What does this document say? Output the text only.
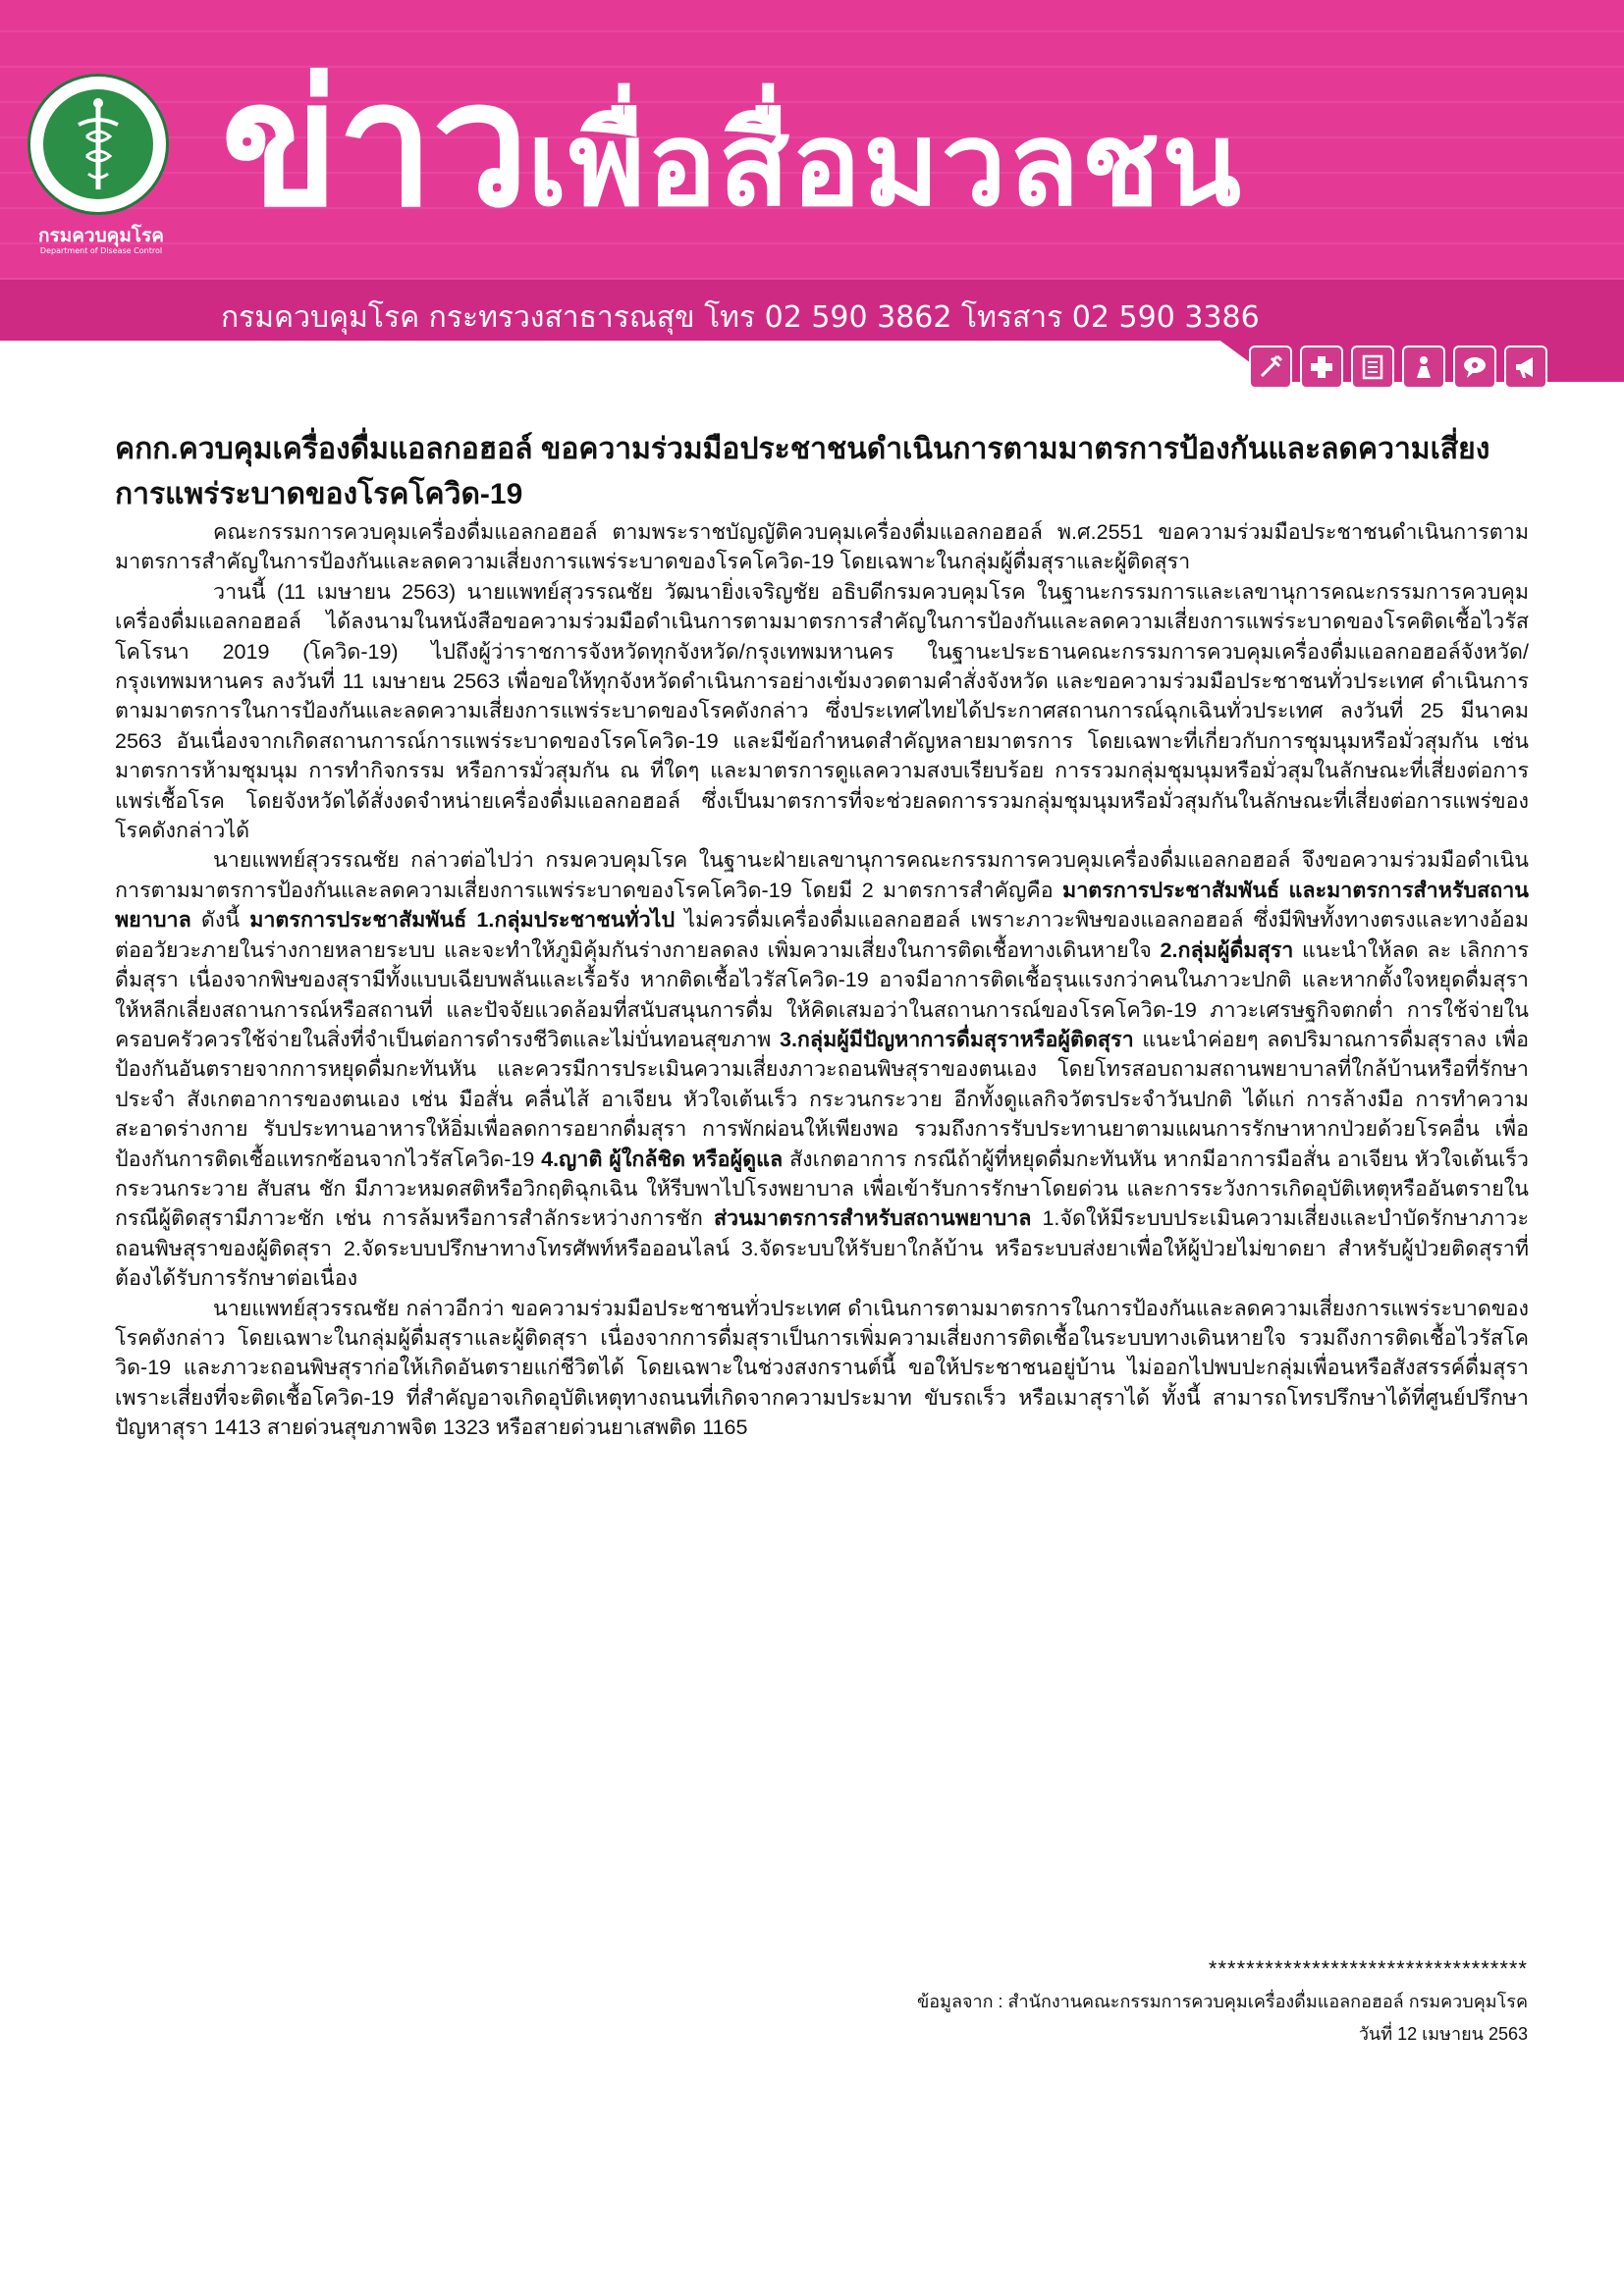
กรมควบคุมโรค
Department of Disease Control
ข่าวเพื่อสื่อมวลชน
กรมควบคุมโรค กระทรวงสาธารณสุข โทร 02 590 3862 โทรสาร 02 590 3386
คกก.ควบคุมเครื่องดื่มแอลกอฮอล์ ขอความร่วมมือประชาชนดำเนินการตามมาตรการป้องกันและลดความเสี่ยงการแพร่ระบาดของโรคโควิด-19

คณะกรรมการควบคุมเครื่องดื่มแอลกอฮอล์ ตามพระราชบัญญัติควบคุมเครื่องดื่มแอลกอฮอล์ พ.ศ.2551 ขอความร่วมมือประชาชนดำเนินการตามมาตรการสำคัญในการป้องกันและลดความเสี่ยงการแพร่ระบาดของโรคโควิด-19 โดยเฉพาะในกลุ่มผู้ดื่มสุราและผู้ติดสุรา

วานนี้ (11 เมษายน 2563) นายแพทย์สุวรรณชัย วัฒนายิ่งเจริญชัย อธิบดีกรมควบคุมโรค ในฐานะกรรมการและเลขานุการคณะกรรมการควบคุมเครื่องดื่มแอลกอฮอล์ ได้ลงนามในหนังสือขอความร่วมมือดำเนินการตามมาตรการสำคัญในการป้องกันและลดความเสี่ยงการแพร่ระบาดของโรคติดเชื้อไวรัสโคโรนา 2019 (โควิด-19) ไปถึงผู้ว่าราชการจังหวัดทุกจังหวัด/กรุงเทพมหานคร ในฐานะประธานคณะกรรมการควบคุมเครื่องดื่มแอลกอฮอล์จังหวัด/กรุงเทพมหานคร ลงวันที่ 11 เมษายน 2563 เพื่อขอให้ทุกจังหวัดดำเนินการอย่างเข้มงวดตามคำสั่งจังหวัด และขอความร่วมมือประชาชนทั่วประเทศ ดำเนินการตามมาตรการในการป้องกันและลดความเสี่ยงการแพร่ระบาดของโรคดังกล่าว ซึ่งประเทศไทยได้ประกาศสถานการณ์ฉุกเฉินทั่วประเทศ ลงวันที่ 25 มีนาคม 2563 อันเนื่องจากเกิดสถานการณ์การแพร่ระบาดของโรคโควิด-19 และมีข้อกำหนดสำคัญหลายมาตรการ โดยเฉพาะที่เกี่ยวกับการชุมนุมหรือมั่วสุมกัน เช่น มาตรการห้ามชุมนุม การทำกิจกรรม หรือการมั่วสุมกัน ณ ที่ใดๆ และมาตรการดูแลความสงบเรียบร้อย การรวมกลุ่มชุมนุมหรือมั่วสุมในลักษณะที่เสี่ยงต่อการแพร่เชื้อโรค โดยจังหวัดได้สั่งงดจำหน่ายเครื่องดื่มแอลกอฮอล์ ซึ่งเป็นมาตรการที่จะช่วยลดการรวมกลุ่มชุมนุมหรือมั่วสุมกันในลักษณะที่เสี่ยงต่อการแพร่ของโรคดังกล่าวได้

นายแพทย์สุวรรณชัย กล่าวต่อไปว่า กรมควบคุมโรค ในฐานะฝ่ายเลขานุการคณะกรรมการควบคุมเครื่องดื่มแอลกอฮอล์ จึงขอความร่วมมือดำเนินการตามมาตรการป้องกันและลดความเสี่ยงการแพร่ระบาดของโรคโควิด-19 โดยมี 2 มาตรการสำคัญคือ มาตรการประชาสัมพันธ์ และมาตรการสำหรับสถานพยาบาล ดังนี้ มาตรการประชาสัมพันธ์ 1.กลุ่มประชาชนทั่วไป ไม่ควรดื่มเครื่องดื่มแอลกอฮอล์ เพราะภาวะพิษของแอลกอฮอล์ ซึ่งมีพิษทั้งทางตรงและทางอ้อมต่ออวัยวะภายในร่างกายหลายระบบ และจะทำให้ภูมิคุ้มกันร่างกายลดลง เพิ่มความเสี่ยงในการติดเชื้อทางเดินหายใจ 2.กลุ่มผู้ดื่มสุรา แนะนำให้ลด ละ เลิกการดื่มสุรา เนื่องจากพิษของสุรามีทั้งแบบเฉียบพลันและเรื้อรัง หากติดเชื้อไวรัสโควิด-19 อาจมีอาการติดเชื้อรุนแรงกว่าคนในภาวะปกติ และหากตั้งใจหยุดดื่มสุรา ให้หลีกเลี่ยงสถานการณ์หรือสถานที่ และปัจจัยแวดล้อมที่สนับสนุนการดื่ม ให้คิดเสมอว่าในสถานการณ์ของโรคโควิด-19 ภาวะเศรษฐกิจตกต่ำ การใช้จ่ายในครอบครัวควรใช้จ่ายในสิ่งที่จำเป็นต่อการดำรงชีวิตและไม่บั่นทอนสุขภาพ 3.กลุ่มผู้มีปัญหาการดื่มสุราหรือผู้ติดสุรา แนะนำค่อยๆ ลดปริมาณการดื่มสุราลง เพื่อป้องกันอันตรายจากการหยุดดื่มกะทันหัน และควรมีการประเมินความเสี่ยงภาวะถอนพิษสุราของตนเอง โดยโทรสอบถามสถานพยาบาลที่ใกล้บ้านหรือที่รักษาประจำ สังเกตอาการของตนเอง เช่น มือสั่น คลื่นไส้ อาเจียน หัวใจเต้นเร็ว กระวนกระวาย อีกทั้งดูแลกิจวัตรประจำวันปกติ ได้แก่ การล้างมือ การทำความสะอาดร่างกาย รับประทานอาหารให้อิ่มเพื่อลดการอยากดื่มสุรา การพักผ่อนให้เพียงพอ รวมถึงการรับประทานยาตามแผนการรักษาหากป่วยด้วยโรคอื่น เพื่อป้องกันการติดเชื้อแทรกซ้อนจากไวรัสโควิด-19 4.ญาติ ผู้ใกล้ชิด หรือผู้ดูแล สังเกตอาการ กรณีถ้าผู้ที่หยุดดื่มกะทันหัน หากมีอาการมือสั่น อาเจียน หัวใจเต้นเร็ว กระวนกระวาย สับสน ชัก มีภาวะหมดสติหรือวิกฤติฉุกเฉิน ให้รีบพาไปโรงพยาบาล เพื่อเข้ารับการรักษาโดยด่วน และการระวังการเกิดอุบัติเหตุหรืออันตรายในกรณีผู้ติดสุรามีภาวะชัก เช่น การล้มหรือการสำลักระหว่างการชัก ส่วนมาตรการสำหรับสถานพยาบาล 1.จัดให้มีระบบประเมินความเสี่ยงและบำบัดรักษาภาวะถอนพิษสุราของผู้ติดสุรา 2.จัดระบบปรึกษาทางโทรศัพท์หรือออนไลน์ 3.จัดระบบให้รับยาใกล้บ้าน หรือระบบส่งยาเพื่อให้ผู้ป่วยไม่ขาดยา สำหรับผู้ป่วยติดสุราที่ต้องได้รับการรักษาต่อเนื่อง

นายแพทย์สุวรรณชัย กล่าวอีกว่า ขอความร่วมมือประชาชนทั่วประเทศ ดำเนินการตามมาตรการในการป้องกันและลดความเสี่ยงการแพร่ระบาดของโรคดังกล่าว โดยเฉพาะในกลุ่มผู้ดื่มสุราและผู้ติดสุรา เนื่องจากการดื่มสุราเป็นการเพิ่มความเสี่ยงการติดเชื้อในระบบทางเดินหายใจ รวมถึงการติดเชื้อไวรัสโควิด-19 และภาวะถอนพิษสุราก่อให้เกิดอันตรายแก่ชีวิตได้ โดยเฉพาะในช่วงสงกรานต์นี้ ขอให้ประชาชนอยู่บ้าน ไม่ออกไปพบปะกลุ่มเพื่อนหรือสังสรรค์ดื่มสุรา เพราะเสี่ยงที่จะติดเชื้อโควิด-19 ที่สำคัญอาจเกิดอุบัติเหตุทางถนนที่เกิดจากความประมาท ขับรถเร็ว หรือเมาสุราได้ ทั้งนี้ สามารถโทรปรึกษาได้ที่ศูนย์ปรึกษาปัญหาสุรา 1413 สายด่วนสุขภาพจิต 1323 หรือสายด่วนยาเสพติด 1165

**********************************
ข้อมูลจาก : สำนักงานคณะกรรมการควบคุมเครื่องดื่มแอลกอฮอล์ กรมควบคุมโรค
วันที่ 12 เมษายน 2563
